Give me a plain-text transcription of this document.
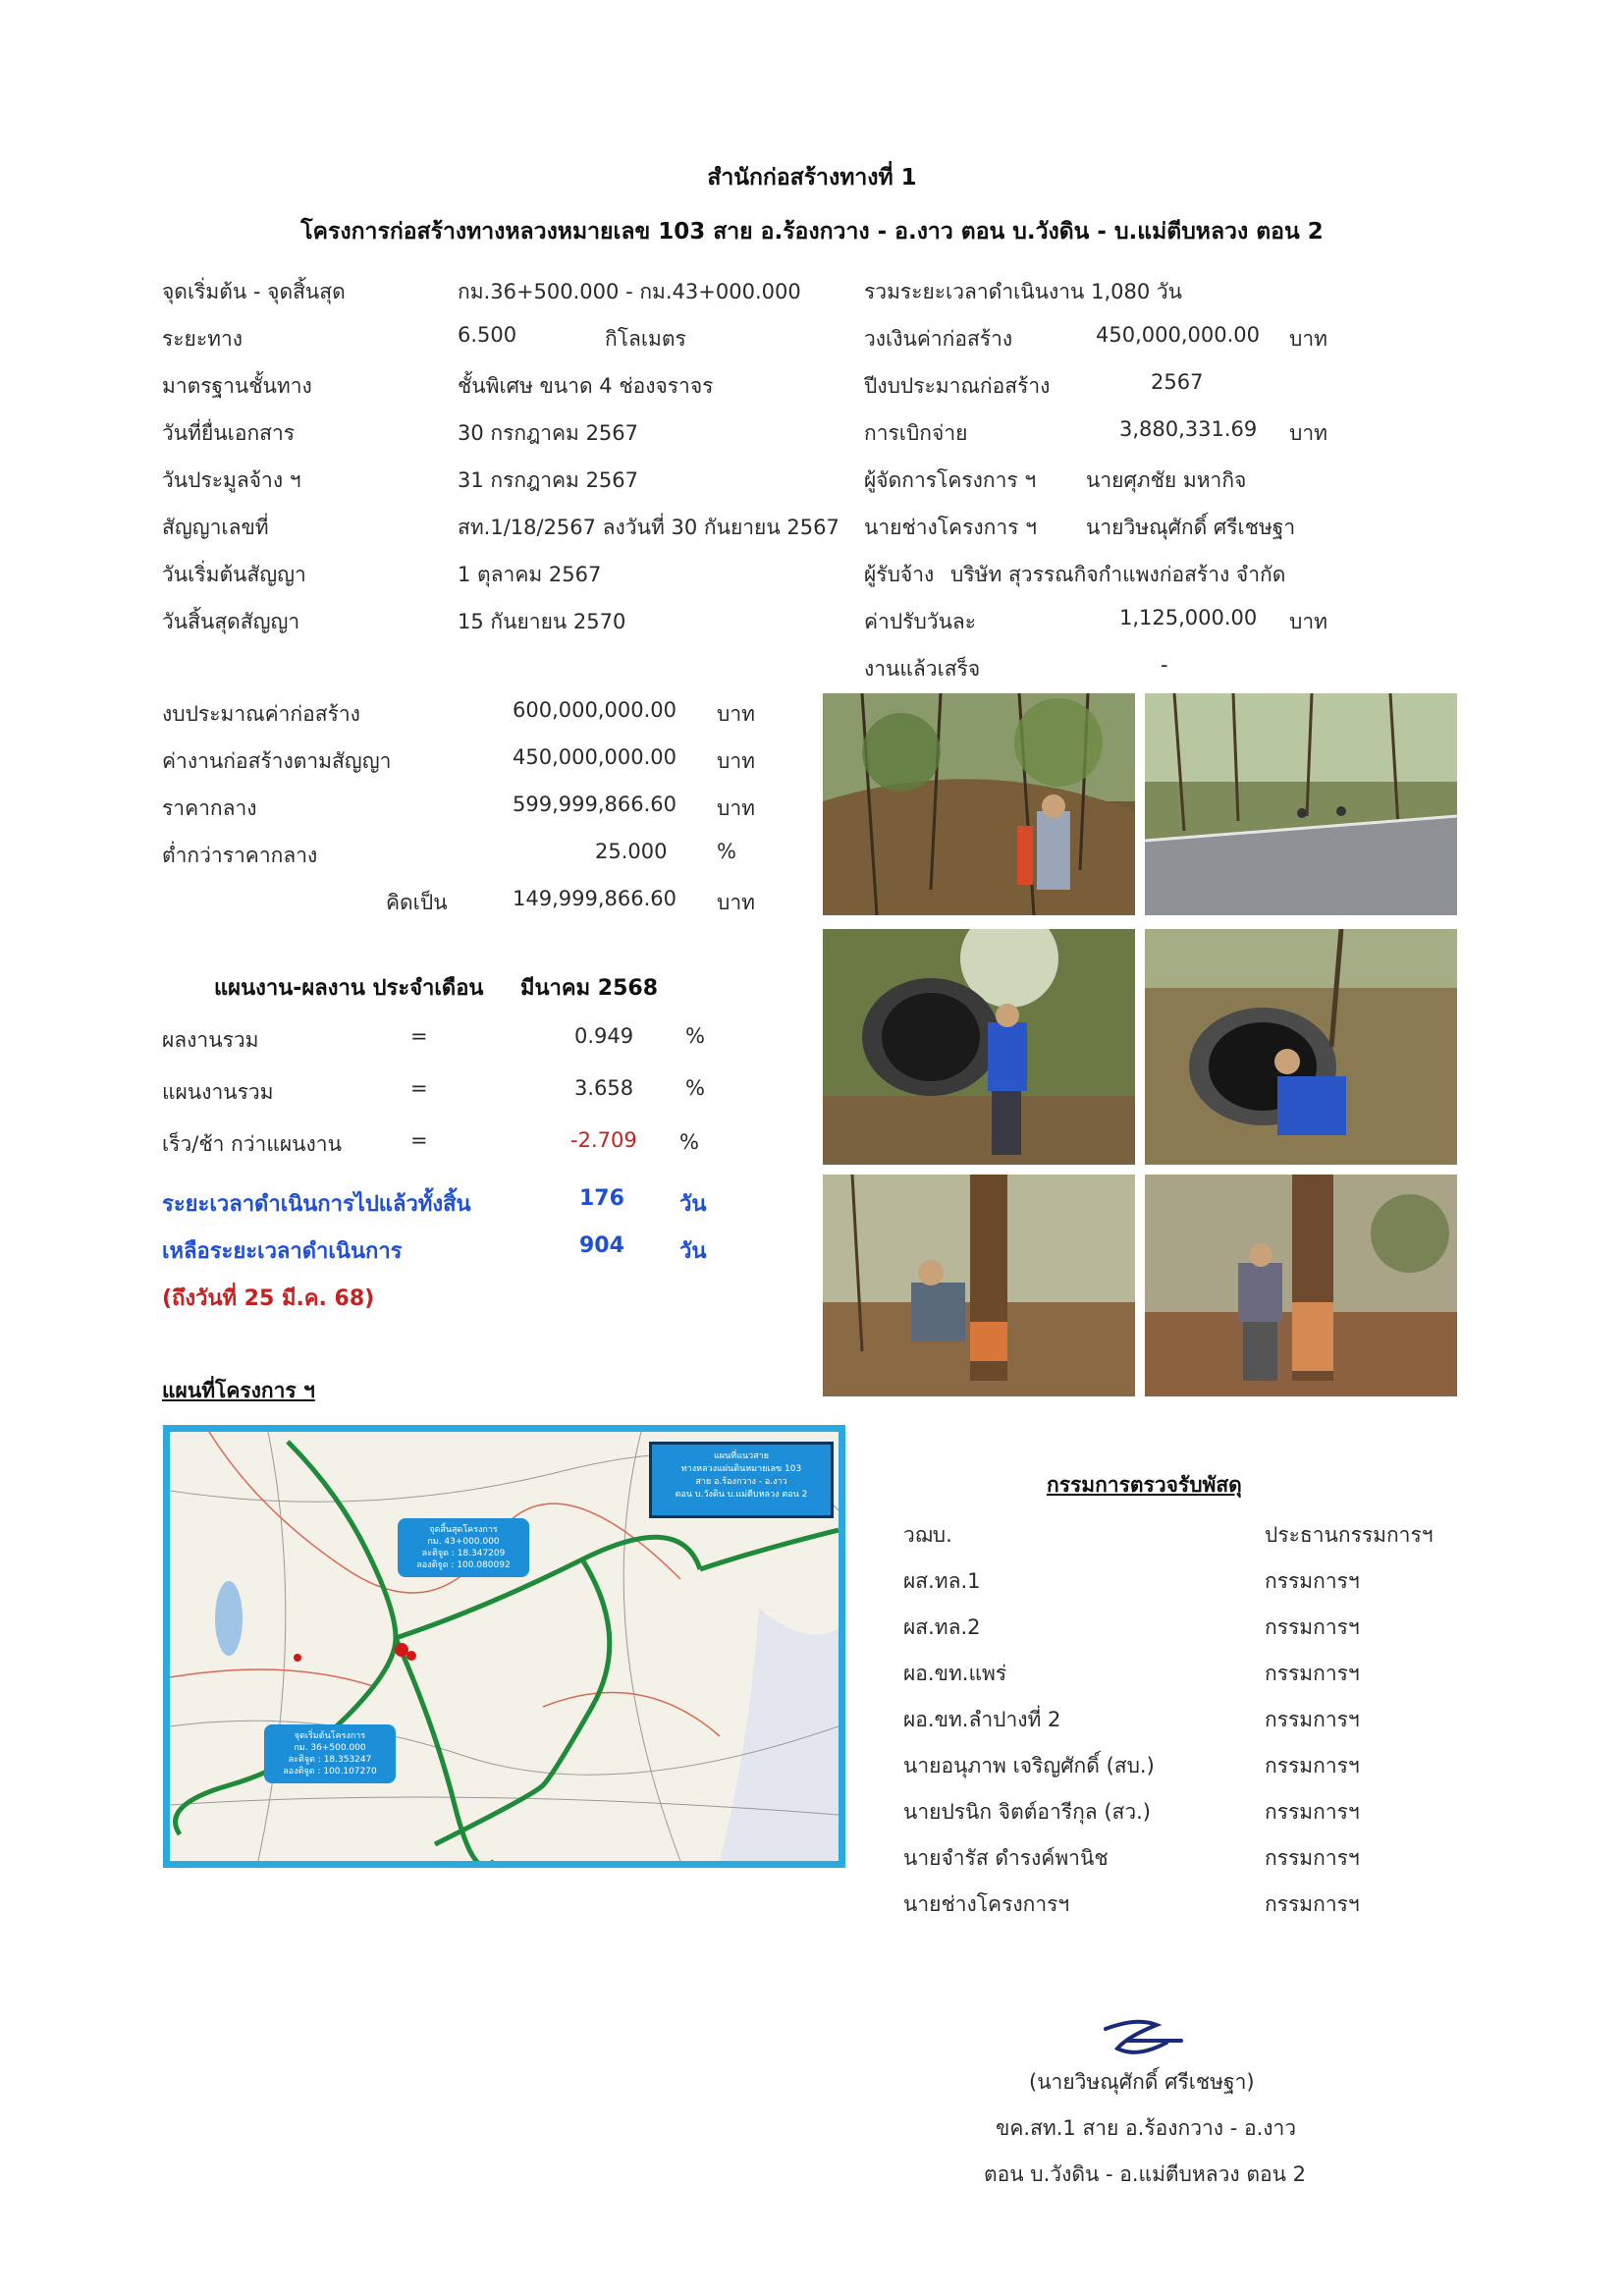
สำนักก่อสร้างทางที่ 1
โครงการก่อสร้างทางหลวงหมายเลข 103 สาย อ.ร้องกวาง - อ.งาว ตอน บ.วังดิน - บ.แม่ตีบหลวง ตอน 2
จุดเริ่มต้น - จุดสิ้นสุด	กม.36+500.000 - กม.43+000.000
ระยะทาง	6.500	กิโลเมตร
มาตรฐานชั้นทาง	ชั้นพิเศษ ขนาด 4 ช่องจราจร
วันที่ยื่นเอกสาร	30 กรกฎาคม 2567
วันประมูลจ้าง ฯ	31 กรกฎาคม 2567
สัญญาเลขที่	สท.1/18/2567 ลงวันที่ 30 กันยายน 2567
วันเริ่มต้นสัญญา	1 ตุลาคม 2567
วันสิ้นสุดสัญญา	15 กันยายน 2570
รวมระยะเวลาดำเนินงาน 1,080 วัน
วงเงินค่าก่อสร้าง	450,000,000.00 บาท
ปีงบประมาณก่อสร้าง	2567
การเบิกจ่าย	3,880,331.69 บาท
ผู้จัดการโครงการ ฯ นายศุภชัย มหากิจ
นายช่างโครงการ ฯ นายวิษณุศักดิ์ ศรีเชษฐา
ผู้รับจ้าง บริษัท สุวรรณกิจกำแพงก่อสร้าง จำกัด
ค่าปรับวันละ	1,125,000.00 บาท
งานแล้วเสร็จ	-
งบประมาณค่าก่อสร้าง	600,000,000.00 บาท
ค่างานก่อสร้างตามสัญญา	450,000,000.00 บาท
ราคากลาง	599,999,866.60 บาท
ต่ำกว่าราคากลาง	25.000 %
คิดเป็น	149,999,866.60 บาท
แผนงาน-ผลงาน ประจำเดือน มีนาคม 2568
ผลงานรวม	=	0.949	%
แผนงานรวม	=	3.658	%
เร็ว/ช้า กว่าแผนงาน	=	-2.709 %
ระยะเวลาดำเนินการไปแล้วทั้งสิ้น	176	วัน
เหลือระยะเวลาดำเนินการ	904	วัน
(ถึงวันที่ 25 มี.ค. 68)
แผนที่โครงการ ฯ
แผนที่แนวสาย
ทางหลวงแผ่นดินหมายเลข 103
สาย อ.ร้องกวาง - อ.งาว
ตอน บ.วังดิน บ.แม่ตีบหลวง ตอน 2
จุดสิ้นสุดโครงการ
กม. 43+000.000
ละติจูด : 18.347209
ลองติจูด : 100.080092
จุดเริ่มต้นโครงการ
กม. 36+500.000
ละติจูด : 18.353247
ลองติจูด : 100.107270
กรรมการตรวจรับพัสดุ
วฌบ.	ประธานกรรมการฯ
ผส.ทล.1	กรรมการฯ
ผส.ทล.2	กรรมการฯ
ผอ.ขท.แพร่	กรรมการฯ
ผอ.ขท.ลำปางที่ 2	กรรมการฯ
นายอนุภาพ เจริญศักดิ์ (สบ.)	กรรมการฯ
นายปรนิก จิตต์อารีกุล (สว.)	กรรมการฯ
นายจำรัส ดำรงค์พานิช	กรรมการฯ
นายช่างโครงการฯ	กรรมการฯ
(นายวิษณุศักดิ์ ศรีเชษฐา)
ขค.สท.1 สาย อ.ร้องกวาง - อ.งาว
ตอน บ.วังดิน - อ.แม่ตีบหลวง ตอน 2
